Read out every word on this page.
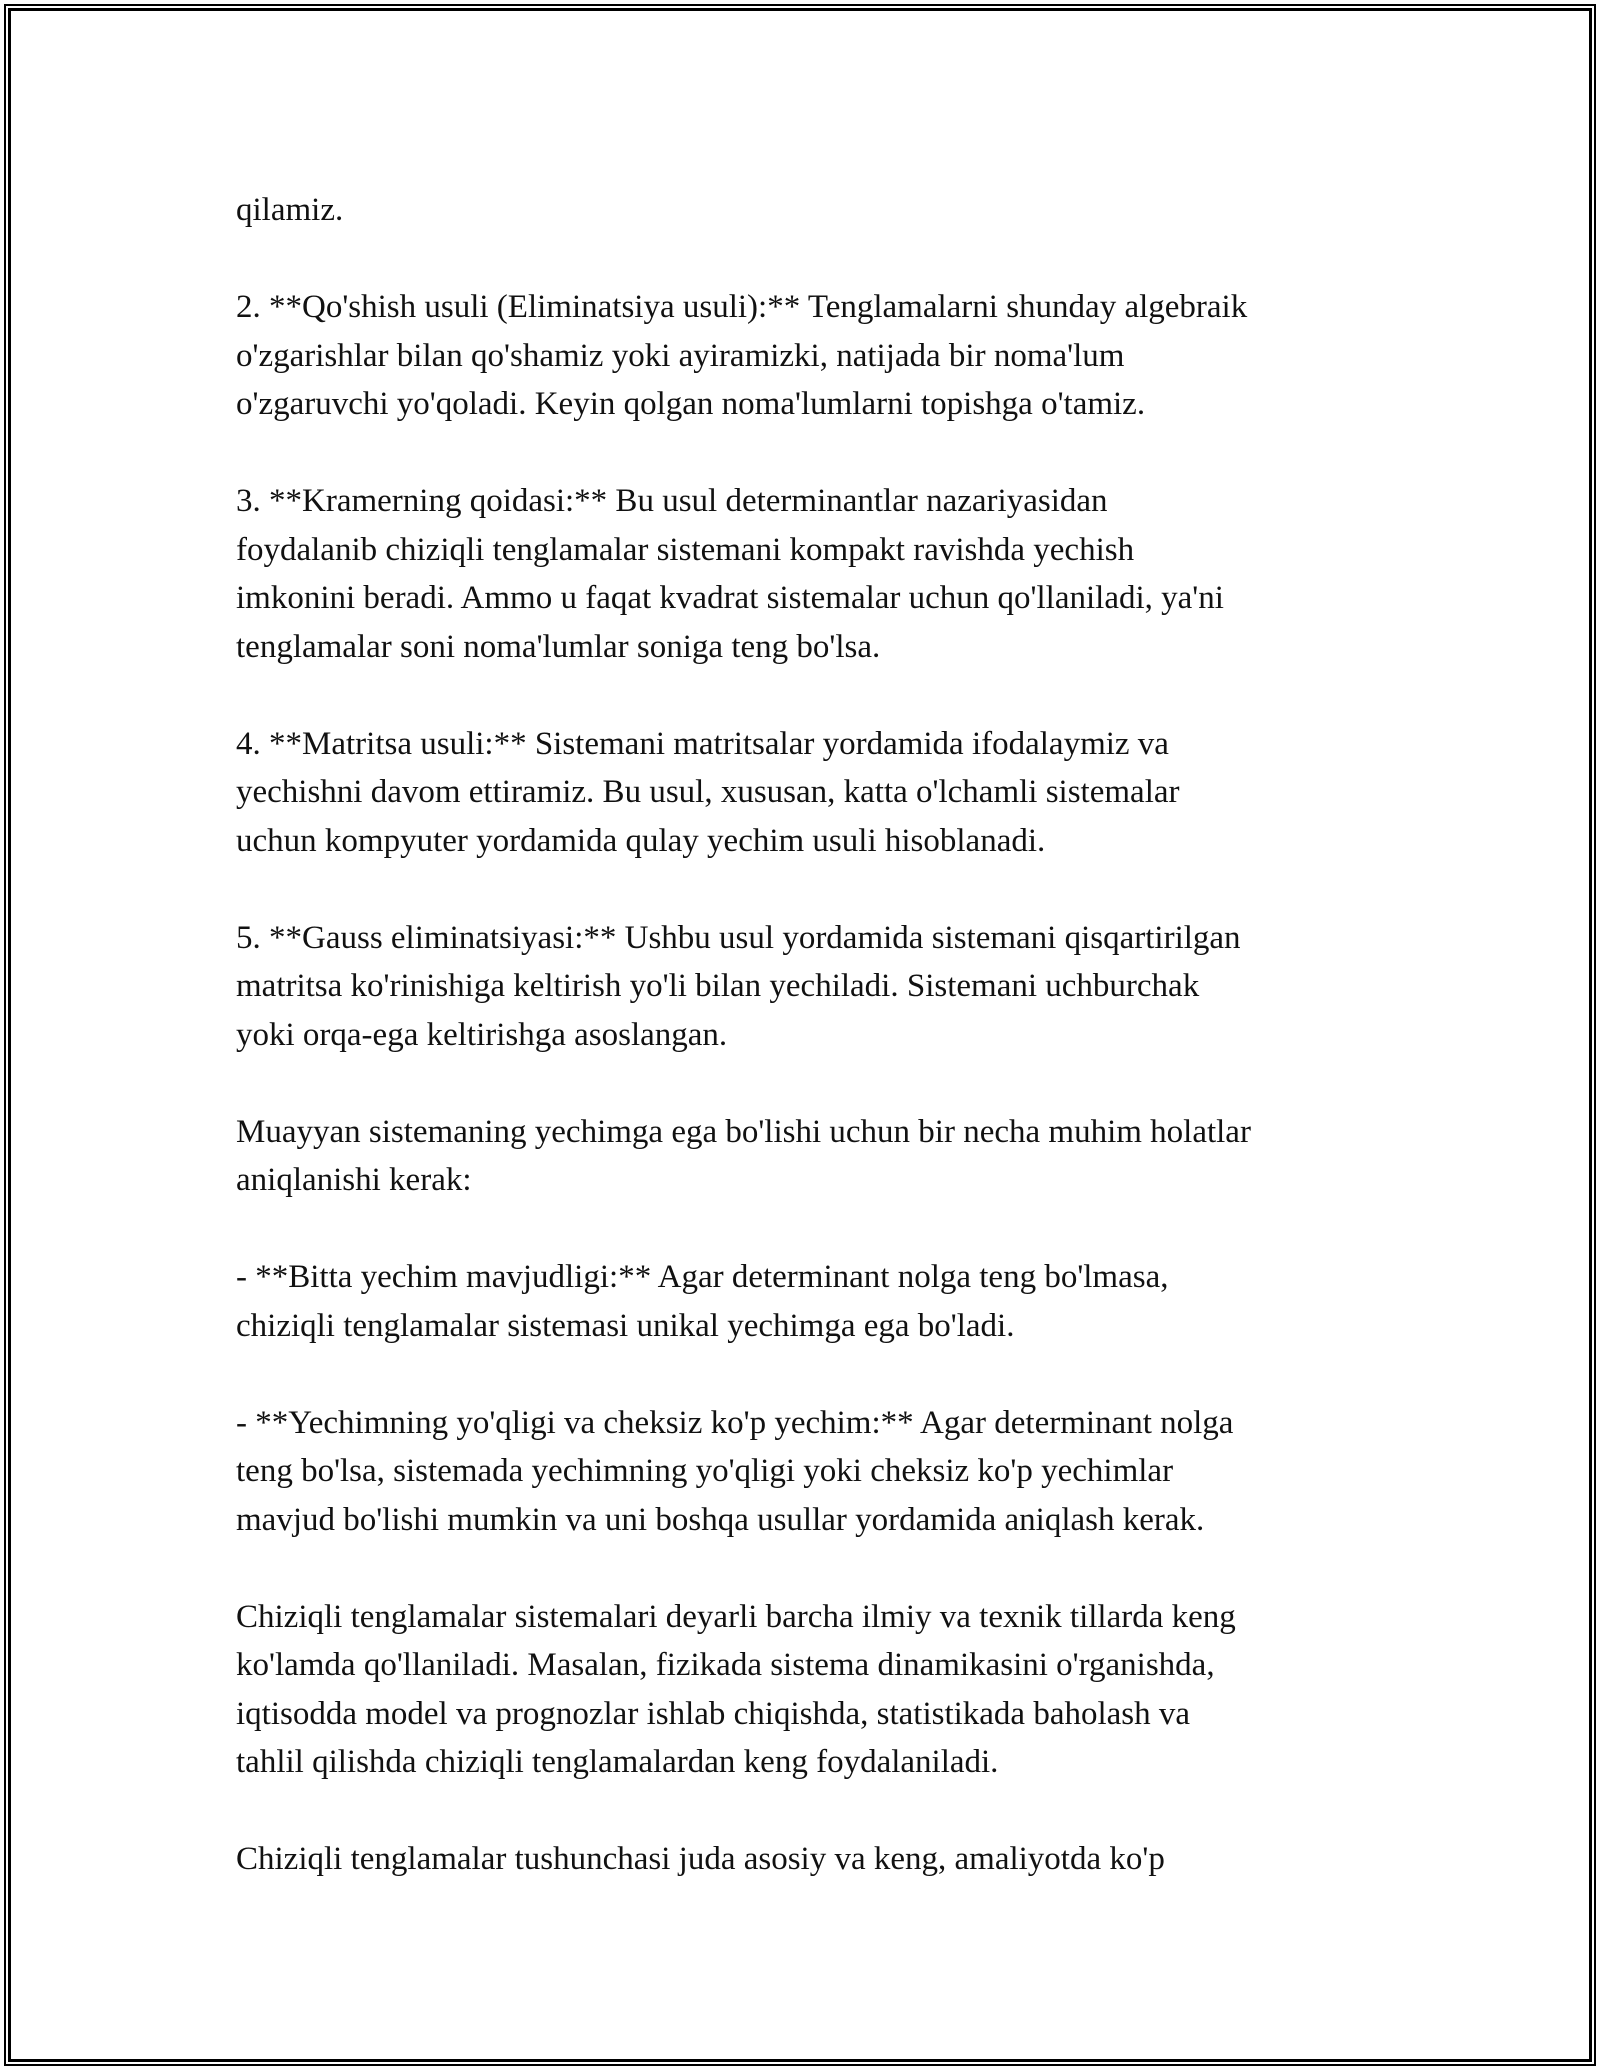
qilamiz.

2. **Qo'shish usuli (Eliminatsiya usuli):** Tenglamalarni shunday algebraik
o'zgarishlar bilan qo'shamiz yoki ayiramizki, natijada bir noma'lum
o'zgaruvchi yo'qoladi. Keyin qolgan noma'lumlarni topishga o'tamiz.

3. **Kramerning qoidasi:** Bu usul determinantlar nazariyasidan
foydalanib chiziqli tenglamalar sistemani kompakt ravishda yechish
imkonini beradi. Ammo u faqat kvadrat sistemalar uchun qo'llaniladi, ya'ni
tenglamalar soni noma'lumlar soniga teng bo'lsa.

4. **Matritsa usuli:** Sistemani matritsalar yordamida ifodalaymiz va
yechishni davom ettiramiz. Bu usul, xususan, katta o'lchamli sistemalar
uchun kompyuter yordamida qulay yechim usuli hisoblanadi.

5. **Gauss eliminatsiyasi:** Ushbu usul yordamida sistemani qisqartirilgan
matritsa ko'rinishiga keltirish yo'li bilan yechiladi. Sistemani uchburchak
yoki orqa-ega keltirishga asoslangan.

Muayyan sistemaning yechimga ega bo'lishi uchun bir necha muhim holatlar
aniqlanishi kerak:

- **Bitta yechim mavjudligi:** Agar determinant nolga teng bo'lmasa,
chiziqli tenglamalar sistemasi unikal yechimga ega bo'ladi.

- **Yechimning yo'qligi va cheksiz ko'p yechim:** Agar determinant nolga
teng bo'lsa, sistemada yechimning yo'qligi yoki cheksiz ko'p yechimlar
mavjud bo'lishi mumkin va uni boshqa usullar yordamida aniqlash kerak.

Chiziqli tenglamalar sistemalari deyarli barcha ilmiy va texnik tillarda keng
ko'lamda qo'llaniladi. Masalan, fizikada sistema dinamikasini o'rganishda,
iqtisodda model va prognozlar ishlab chiqishda, statistikada baholash va
tahlil qilishda chiziqli tenglamalardan keng foydalaniladi.

Chiziqli tenglamalar tushunchasi juda asosiy va keng, amaliyotda ko'p
